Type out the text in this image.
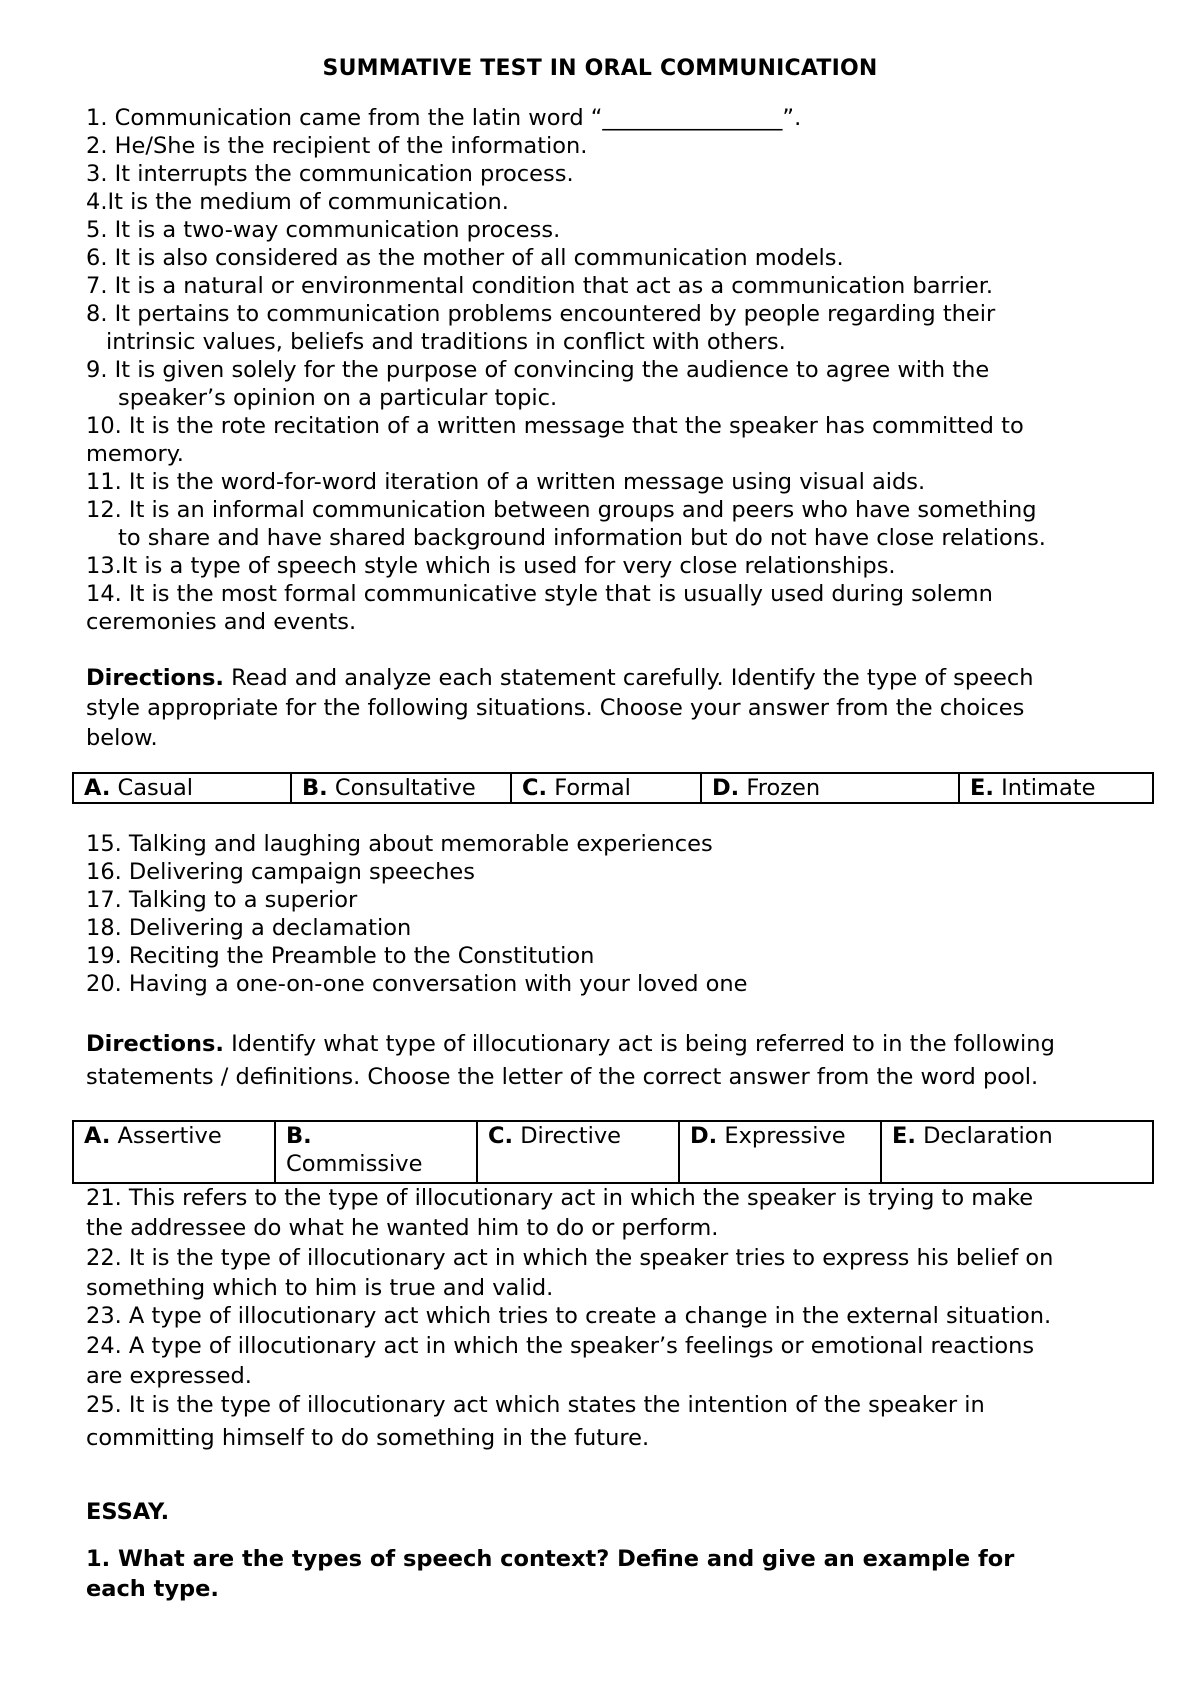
SUMMATIVE TEST IN ORAL COMMUNICATION
1. Communication came from the latin word “________________”.
2. He/She is the recipient of the information.
3. It interrupts the communication process.
4.It is the medium of communication.
5. It is a two-way communication process.
6. It is also considered as the mother of all communication models.
7. It is a natural or environmental condition that act as a communication barrier.
8. It pertains to communication problems encountered by people regarding their
intrinsic values, beliefs and traditions in conflict with others.
9. It is given solely for the purpose of convincing the audience to agree with the
speaker’s opinion on a particular topic.
10. It is the rote recitation of a written message that the speaker has committed to
memory.
11. It is the word-for-word iteration of a written message using visual aids.
12. It is an informal communication between groups and peers who have something
to share and have shared background information but do not have close relations.
13.It is a type of speech style which is used for very close relationships.
14. It is the most formal communicative style that is usually used during solemn
ceremonies and events.
Directions. Read and analyze each statement carefully. Identify the type of speech
style appropriate for the following situations. Choose your answer from the choices
below.
A. Casual	B. Consultative	C. Formal	D. Frozen	E. Intimate
15. Talking and laughing about memorable experiences
16. Delivering campaign speeches
17. Talking to a superior
18. Delivering a declamation
19. Reciting the Preamble to the Constitution
20. Having a one-on-one conversation with your loved one
Directions. Identify what type of illocutionary act is being referred to in the following
statements / definitions. Choose the letter of the correct answer from the word pool.
A. Assertive	B.
Commissive	C. Directive	D. Expressive	E. Declaration
21. This refers to the type of illocutionary act in which the speaker is trying to make
the addressee do what he wanted him to do or perform.
22. It is the type of illocutionary act in which the speaker tries to express his belief on
something which to him is true and valid.
23. A type of illocutionary act which tries to create a change in the external situation.
24. A type of illocutionary act in which the speaker’s feelings or emotional reactions
are expressed.
25. It is the type of illocutionary act which states the intention of the speaker in
committing himself to do something in the future.
ESSAY.
1. What are the types of speech context? Define and give an example for
each type.
